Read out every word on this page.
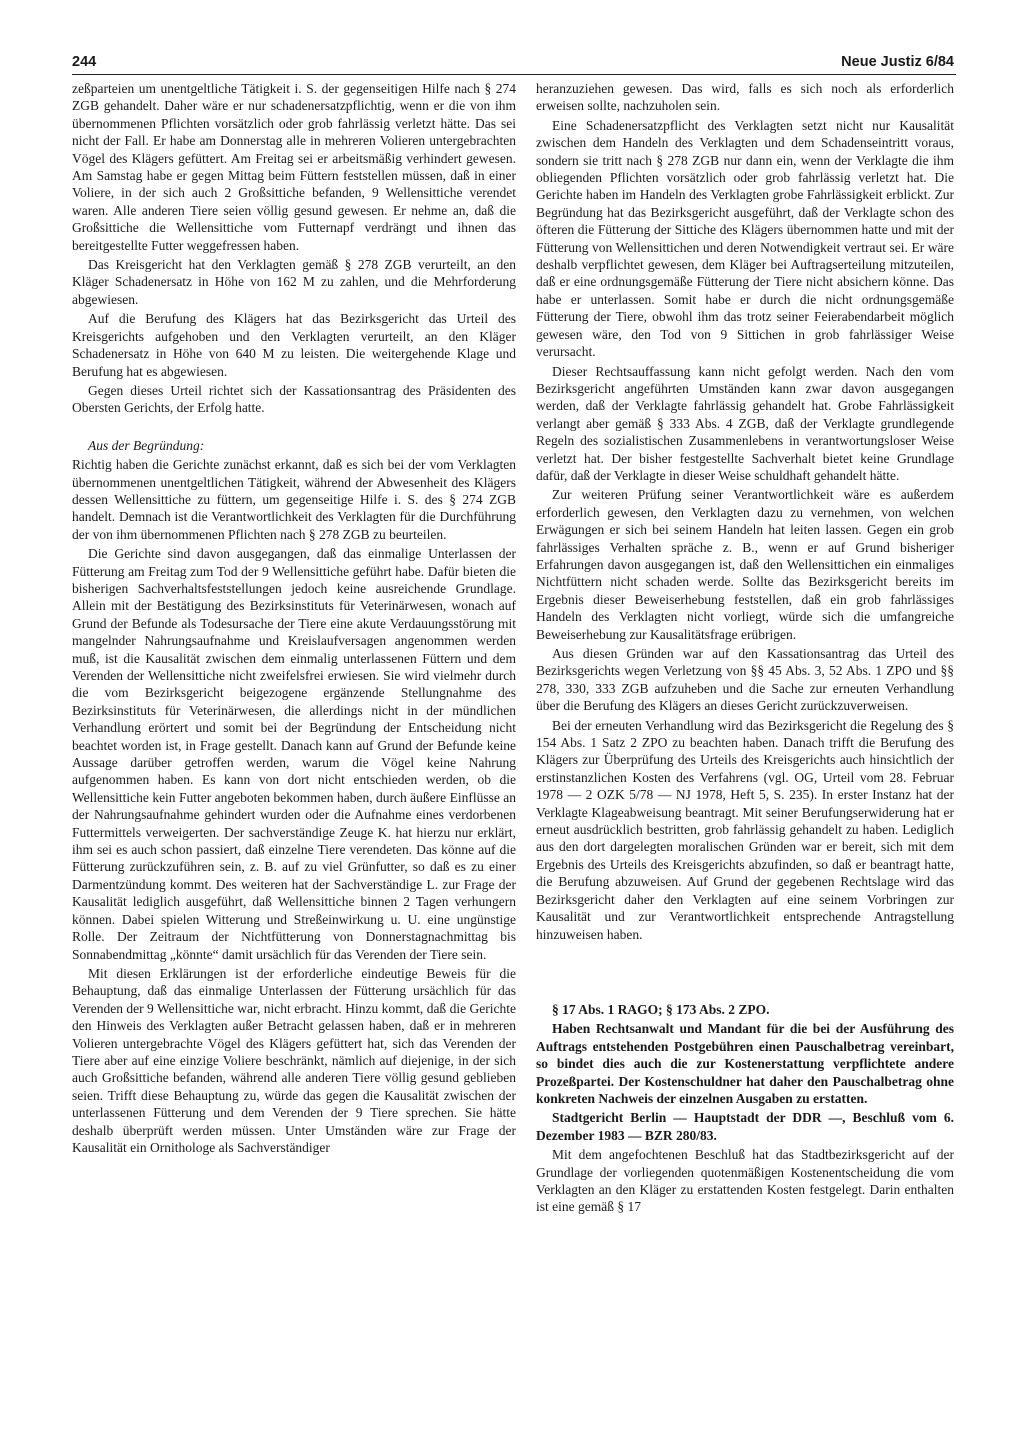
244	Neue Justiz 6/84

zeßparteien um unentgeltliche Tätigkeit i. S. der gegenseitigen Hilfe nach § 274 ZGB gehandelt. Daher wäre er nur schadenersatzpflichtig, wenn er die von ihm übernommenen Pflichten vorsätzlich oder grob fahrlässig verletzt hätte. Das sei nicht der Fall. Er habe am Donnerstag alle in mehreren Volieren untergebrachten Vögel des Klägers gefüttert. Am Freitag sei er arbeitsmäßig verhindert gewesen. Am Samstag habe er gegen Mittag beim Füttern feststellen müssen, daß in einer Voliere, in der sich auch 2 Großsittiche befanden, 9 Wellensittiche verendet waren. Alle anderen Tiere seien völlig gesund gewesen. Er nehme an, daß die Großsittiche die Wellensittiche vom Futternapf verdrängt und ihnen das bereitgestellte Futter weggefressen haben.

Das Kreisgericht hat den Verklagten gemäß § 278 ZGB verurteilt, an den Kläger Schadenersatz in Höhe von 162 M zu zahlen, und die Mehrforderung abgewiesen.

Auf die Berufung des Klägers hat das Bezirksgericht das Urteil des Kreisgerichts aufgehoben und den Verklagten verurteilt, an den Kläger Schadenersatz in Höhe von 640 M zu leisten. Die weitergehende Klage und Berufung hat es abgewiesen.

Gegen dieses Urteil richtet sich der Kassationsantrag des Präsidenten des Obersten Gerichts, der Erfolg hatte.

Aus der Begründung:

Richtig haben die Gerichte zunächst erkannt, daß es sich bei der vom Verklagten übernommenen unentgeltlichen Tätigkeit, während der Abwesenheit des Klägers dessen Wellensittiche zu füttern, um gegenseitige Hilfe i. S. des § 274 ZGB handelt. Demnach ist die Verantwortlichkeit des Verklagten für die Durchführung der von ihm übernommenen Pflichten nach § 278 ZGB zu beurteilen.

Die Gerichte sind davon ausgegangen, daß das einmalige Unterlassen der Fütterung am Freitag zum Tod der 9 Wellensittiche geführt habe. Dafür bieten die bisherigen Sachverhaltsfeststellungen jedoch keine ausreichende Grundlage. Allein mit der Bestätigung des Bezirksinstituts für Veterinärwesen, wonach auf Grund der Befunde als Todesursache der Tiere eine akute Verdauungsstörung mit mangelnder Nahrungsaufnahme und Kreislaufversagen angenommen werden muß, ist die Kausalität zwischen dem einmalig unterlassenen Füttern und dem Verenden der Wellensittiche nicht zweifelsfrei erwiesen. Sie wird vielmehr durch die vom Bezirksgericht beigezogene ergänzende Stellungnahme des Bezirksinstituts für Veterinärwesen, die allerdings nicht in der mündlichen Verhandlung erörtert und somit bei der Begründung der Entscheidung nicht beachtet worden ist, in Frage gestellt. Danach kann auf Grund der Befunde keine Aussage darüber getroffen werden, warum die Vögel keine Nahrung aufgenommen haben. Es kann von dort nicht entschieden werden, ob die Wellensittiche kein Futter angeboten bekommen haben, durch äußere Einflüsse an der Nahrungsaufnahme gehindert wurden oder die Aufnahme eines verdorbenen Futtermittels verweigerten. Der sachverständige Zeuge K. hat hierzu nur erklärt, ihm sei es auch schon passiert, daß einzelne Tiere verendeten. Das könne auf die Fütterung zurückzuführen sein, z. B. auf zu viel Grünfutter, so daß es zu einer Darmentzündung kommt. Des weiteren hat der Sachverständige L. zur Frage der Kausalität lediglich ausgeführt, daß Wellensittiche binnen 2 Tagen verhungern können. Dabei spielen Witterung und Streßeinwirkung u. U. eine ungünstige Rolle. Der Zeitraum der Nichtfütterung von Donnerstagnachmittag bis Sonnabendmittag „könnte“ damit ursächlich für das Verenden der Tiere sein.

Mit diesen Erklärungen ist der erforderliche eindeutige Beweis für die Behauptung, daß das einmalige Unterlassen der Fütterung ursächlich für das Verenden der 9 Wellensittiche war, nicht erbracht. Hinzu kommt, daß die Gerichte den Hinweis des Verklagten außer Betracht gelassen haben, daß er in mehreren Volieren untergebrachte Vögel des Klägers gefüttert hat, sich das Verenden der Tiere aber auf eine einzige Voliere beschränkt, nämlich auf diejenige, in der sich auch Großsittiche befanden, während alle anderen Tiere völlig gesund geblieben seien. Trifft diese Behauptung zu, würde das gegen die Kausalität zwischen der unterlassenen Fütterung und dem Verenden der 9 Tiere sprechen. Sie hätte deshalb überprüft werden müssen. Unter Umständen wäre zur Frage der Kausalität ein Ornithologe als Sachverständiger

heranzuziehen gewesen. Das wird, falls es sich noch als erforderlich erweisen sollte, nachzuholen sein.

Eine Schadenersatzpflicht des Verklagten setzt nicht nur Kausalität zwischen dem Handeln des Verklagten und dem Schadenseintritt voraus, sondern sie tritt nach § 278 ZGB nur dann ein, wenn der Verklagte die ihm obliegenden Pflichten vorsätzlich oder grob fahrlässig verletzt hat. Die Gerichte haben im Handeln des Verklagten grobe Fahrlässigkeit erblickt. Zur Begründung hat das Bezirksgericht ausgeführt, daß der Verklagte schon des öfteren die Fütterung der Sittiche des Klägers übernommen hatte und mit der Fütterung von Wellensittichen und deren Notwendigkeit vertraut sei. Er wäre deshalb verpflichtet gewesen, dem Kläger bei Auftragserteilung mitzuteilen, daß er eine ordnungsgemäße Fütterung der Tiere nicht absichern könne. Das habe er unterlassen. Somit habe er durch die nicht ordnungsgemäße Fütterung der Tiere, obwohl ihm das trotz seiner Feierabendarbeit möglich gewesen wäre, den Tod von 9 Sittichen in grob fahrlässiger Weise verursacht.

Dieser Rechtsauffassung kann nicht gefolgt werden. Nach den vom Bezirksgericht angeführten Umständen kann zwar davon ausgegangen werden, daß der Verklagte fahrlässig gehandelt hat. Grobe Fahrlässigkeit verlangt aber gemäß § 333 Abs. 4 ZGB, daß der Verklagte grundlegende Regeln des sozialistischen Zusammenlebens in verantwortungsloser Weise verletzt hat. Der bisher festgestellte Sachverhalt bietet keine Grundlage dafür, daß der Verklagte in dieser Weise schuldhaft gehandelt hätte.

Zur weiteren Prüfung seiner Verantwortlichkeit wäre es außerdem erforderlich gewesen, den Verklagten dazu zu vernehmen, von welchen Erwägungen er sich bei seinem Handeln hat leiten lassen. Gegen ein grob fahrlässiges Verhalten spräche z. B., wenn er auf Grund bisheriger Erfahrungen davon ausgegangen ist, daß den Wellensittichen ein einmaliges Nichtfüttern nicht schaden werde. Sollte das Bezirksgericht bereits im Ergebnis dieser Beweiserhebung feststellen, daß ein grob fahrlässiges Handeln des Verklagten nicht vorliegt, würde sich die umfangreiche Beweiserhebung zur Kausalitätsfrage erübrigen.

Aus diesen Gründen war auf den Kassationsantrag das Urteil des Bezirksgerichts wegen Verletzung von §§ 45 Abs. 3, 52 Abs. 1 ZPO und §§ 278, 330, 333 ZGB aufzuheben und die Sache zur erneuten Verhandlung über die Berufung des Klägers an dieses Gericht zurückzuverweisen.

Bei der erneuten Verhandlung wird das Bezirksgericht die Regelung des § 154 Abs. 1 Satz 2 ZPO zu beachten haben. Danach trifft die Berufung des Klägers zur Überprüfung des Urteils des Kreisgerichts auch hinsichtlich der erstinstanzlichen Kosten des Verfahrens (vgl. OG, Urteil vom 28. Februar 1978 — 2 OZK 5/78 — NJ 1978, Heft 5, S. 235). In erster Instanz hat der Verklagte Klageabweisung beantragt. Mit seiner Berufungserwiderung hat er erneut ausdrücklich bestritten, grob fahrlässig gehandelt zu haben. Lediglich aus den dort dargelegten moralischen Gründen war er bereit, sich mit dem Ergebnis des Urteils des Kreisgerichts abzufinden, so daß er beantragt hatte, die Berufung abzuweisen. Auf Grund der gegebenen Rechtslage wird das Bezirksgericht daher den Verklagten auf eine seinem Vorbringen zur Kausalität und zur Verantwortlichkeit entsprechende Antragstellung hinzuweisen haben.

§ 17 Abs. 1 RAGO; § 173 Abs. 2 ZPO.

Haben Rechtsanwalt und Mandant für die bei der Ausführung des Auftrags entstehenden Postgebühren einen Pauschalbetrag vereinbart, so bindet dies auch die zur Kostenerstattung verpflichtete andere Prozeßpartei. Der Kostenschuldner hat daher den Pauschalbetrag ohne konkreten Nachweis der einzelnen Ausgaben zu erstatten.

Stadtgericht Berlin — Hauptstadt der DDR —, Beschluß vom 6. Dezember 1983 — BZR 280/83.

Mit dem angefochtenen Beschluß hat das Stadtbezirksgericht auf der Grundlage der vorliegenden quotenmäßigen Kostenentscheidung die vom Verklagten an den Kläger zu erstattenden Kosten festgelegt. Darin enthalten ist eine gemäß § 17
